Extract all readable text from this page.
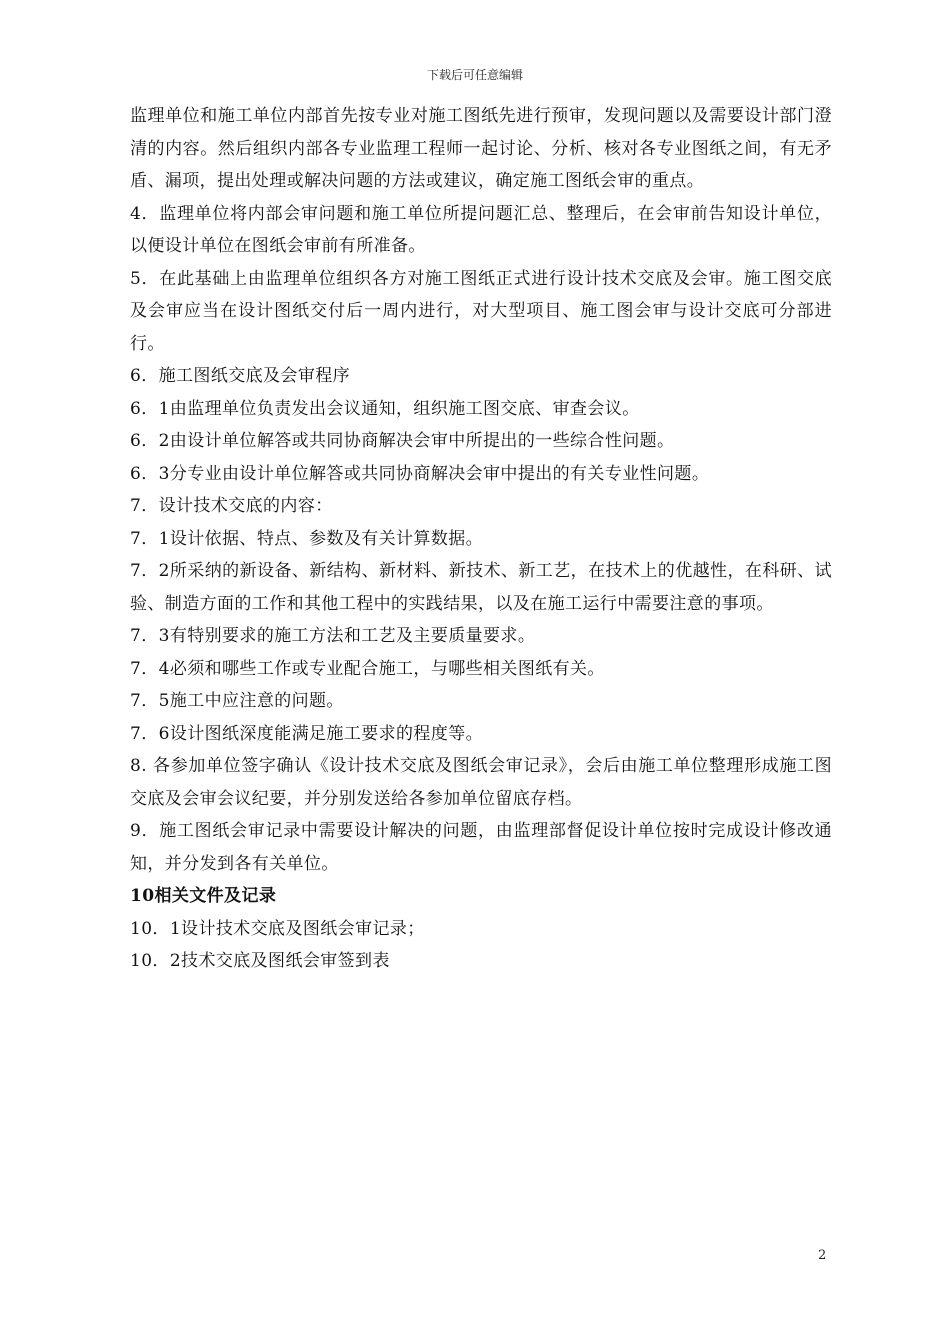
下载后可任意编辑

监理单位和施工单位内部首先按专业对施工图纸先进行预审，发现问题以及需要设计部门澄清的内容。然后组织内部各专业监理工程师一起讨论、分析、核对各专业图纸之间，有无矛盾、漏项，提出处理或解决问题的方法或建议，确定施工图纸会审的重点。

4．监理单位将内部会审问题和施工单位所提问题汇总、整理后，在会审前告知设计单位，以便设计单位在图纸会审前有所准备。

5．在此基础上由监理单位组织各方对施工图纸正式进行设计技术交底及会审。施工图交底及会审应当在设计图纸交付后一周内进行，对大型项目、施工图会审与设计交底可分部进行。

6．施工图纸交底及会审程序

6．1由监理单位负责发出会议通知，组织施工图交底、审查会议。

6．2由设计单位解答或共同协商解决会审中所提出的一些综合性问题。

6．3分专业由设计单位解答或共同协商解决会审中提出的有关专业性问题。

7．设计技术交底的内容：

7．1设计依据、特点、参数及有关计算数据。

7．2所采纳的新设备、新结构、新材料、新技术、新工艺，在技术上的优越性，在科研、试验、制造方面的工作和其他工程中的实践结果，以及在施工运行中需要注意的事项。

7．3有特别要求的施工方法和工艺及主要质量要求。

7．4必须和哪些工作或专业配合施工，与哪些相关图纸有关。

7．5施工中应注意的问题。

7．6设计图纸深度能满足施工要求的程度等。

8. 各参加单位签字确认《设计技术交底及图纸会审记录》，会后由施工单位整理形成施工图交底及会审会议纪要，并分别发送给各参加单位留底存档。

9．施工图纸会审记录中需要设计解决的问题，由监理部督促设计单位按时完成设计修改通知，并分发到各有关单位。

10相关文件及记录

10．1设计技术交底及图纸会审记录；

10．2技术交底及图纸会审签到表

2
